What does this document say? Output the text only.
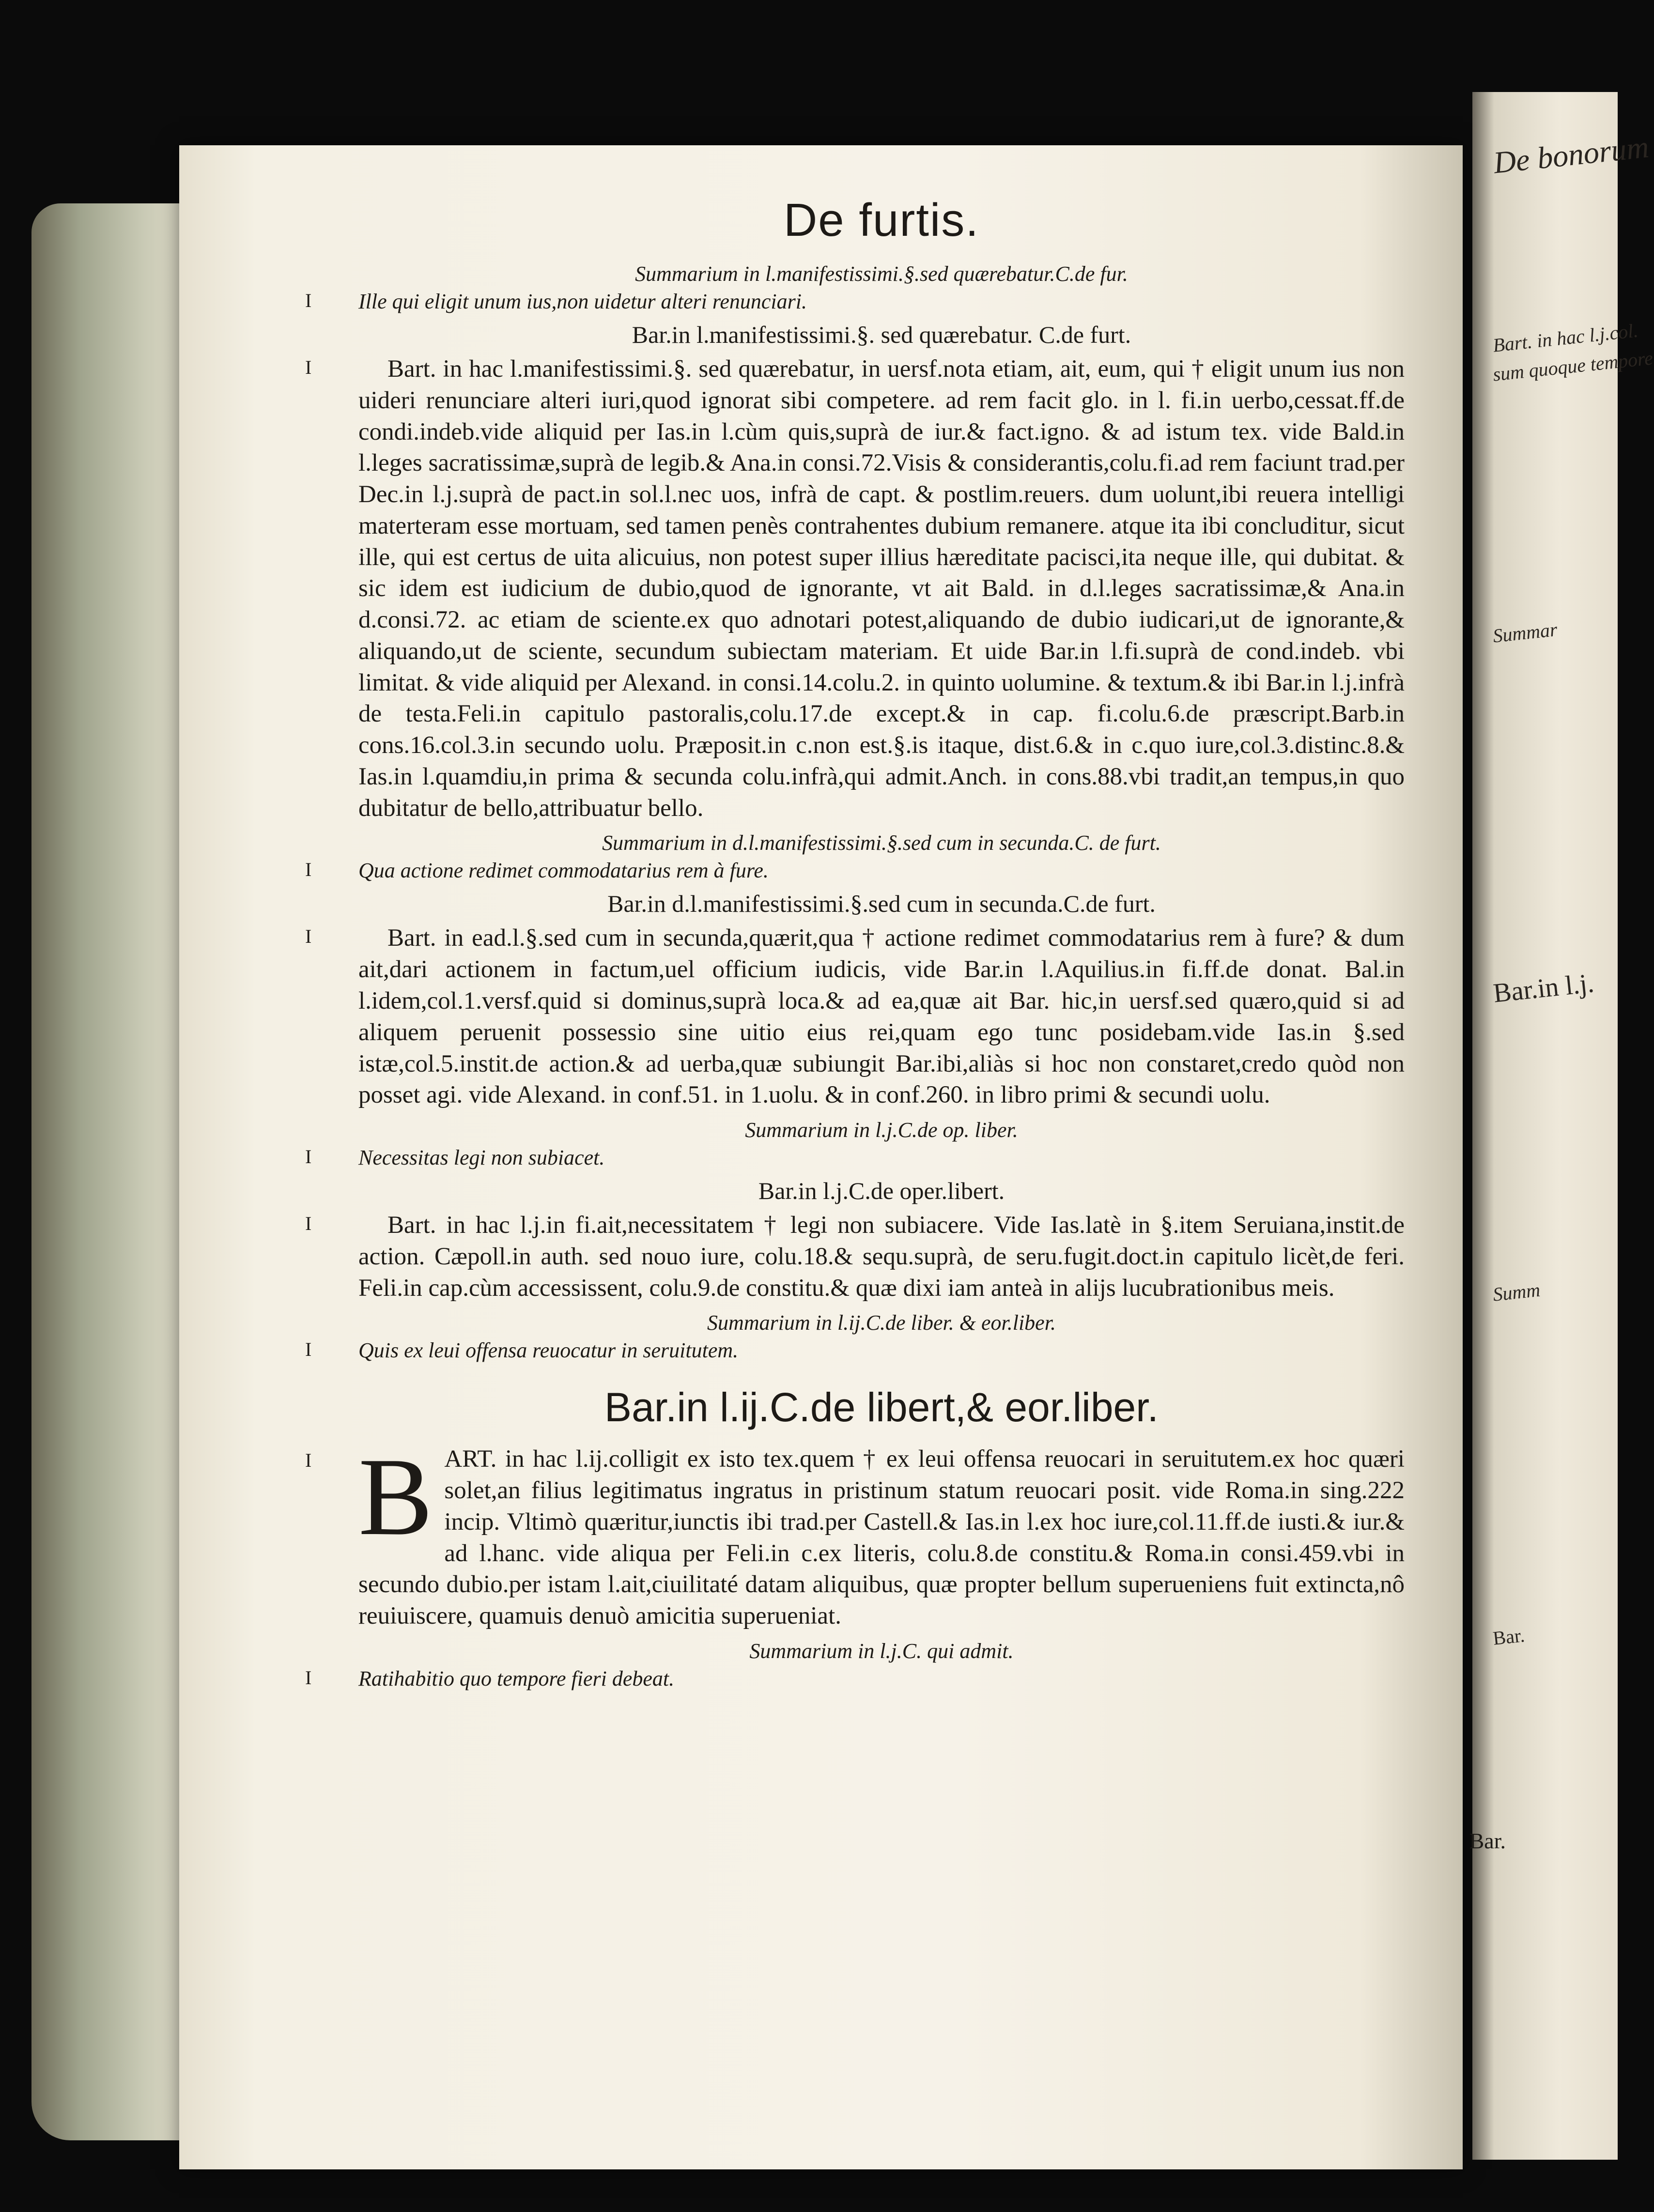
De bonorum
Bart. in hac l.j.col.
sum quoque tempore
Summar
Bar.in l.j.
Summ
Bar.
De furtis.
Summarium in l.manifestissimi.§.sed quærebatur.C.de fur.
I Ille qui eligit unum ius,non uidetur alteri renunciari.
Bar.in l.manifestissimi.§. sed quærebatur. C.de furt.
I	Bart. in hac l.manifestissimi.§. sed quærebatur, in uersf.nota etiam, ait, eum, qui † eligit unum ius non uideri renunciare alteri iuri,quod ignorat sibi competere. ad rem facit glo. in l. fi.in uerbo,cessat.ff.de condi.indeb.vide aliquid per Ias.in l.cùm quis,suprà de iur.& fact.igno. & ad istum tex. vide Bald.in l.leges sacratissimæ,suprà de legib.& Ana.in consi.72.Visis & considerantis,colu.fi.ad rem faciunt trad.per Dec.in l.j.suprà de pact.in sol.l.nec uos, infrà de capt. & postlim.reuers. dum uolunt,ibi reuera intelligi materteram esse mortuam, sed tamen penès contrahentes dubium remanere. atque ita ibi concluditur, sicut ille, qui est certus de uita alicuius, non potest super illius hæreditate pacisci,ita neque ille, qui dubitat. & sic idem est iudicium de dubio,quod de ignorante, vt ait Bald. in d.l.leges sacratissimæ,& Ana.in d.consi.72. ac etiam de sciente.ex quo adnotari potest,aliquando de dubio iudicari,ut de ignorante,& aliquando,ut de sciente, secundum subiectam materiam. Et uide Bar.in l.fi.suprà de cond.indeb. vbi limitat. & vide aliquid per Alexand. in consi.14.colu.2. in quinto uolumine. & textum.& ibi Bar.in l.j.infrà de testa.Feli.in capitulo pastoralis,colu.17.de except.& in cap. fi.colu.6.de præscript.Barb.in cons.16.col.3.in secundo uolu. Præposit.in c.non est.§.is itaque, dist.6.& in c.quo iure,col.3.distinc.8.& Ias.in l.quamdiu,in prima & secunda colu.infrà,qui admit.Anch. in cons.88.vbi tradit,an tempus,in quo dubitatur de bello,attribuatur bello.
Summarium in d.l.manifestissimi.§.sed cum in secunda.C. de furt.
I Qua actione redimet commodatarius rem à fure.
Bar.in d.l.manifestissimi.§.sed cum in secunda.C.de furt.
I	Bart. in ead.l.§.sed cum in secunda,quærit,qua † actione redimet commodatarius rem à fure? & dum ait,dari actionem in factum,uel officium iudicis, vide Bar.in l.Aquilius.in fi.ff.de donat. Bal.in l.idem,col.1.versf.quid si dominus,suprà loca.& ad ea,quæ ait Bar. hic,in uersf.sed quæro,quid si ad aliquem peruenit possessio sine uitio eius rei,quam ego tunc posidebam.vide Ias.in §.sed istæ,col.5.instit.de action.& ad uerba,quæ subiungit Bar.ibi,aliàs si hoc non constaret,credo quòd non posset agi. vide Alexand. in conf.51. in 1.uolu. & in conf.260. in libro primi & secundi uolu.
Summarium in l.j.C.de op. liber.
I Necessitas legi non subiacet.
Bar.in l.j.C.de oper.libert.
I	Bart. in hac l.j.in fi.ait,necessitatem † legi non subiacere. Vide Ias.latè in §.item Seruiana,instit.de action. Cæpoll.in auth. sed nouo iure, colu.18.& sequ.suprà, de seru.fugit.doct.in capitulo licèt,de feri. Feli.in cap.cùm accessissent, colu.9.de constitu.& quæ dixi iam anteà in alijs lucubrationibus meis.
Summarium in l.ij.C.de liber. & eor.liber.
I Quis ex leui offensa reuocatur in seruitutem.
Bar.in l.ij.C.de libert,& eor.liber.
I B ART. in hac l.ij.colligit ex isto tex.quem † ex leui offensa reuocari in seruitutem.ex hoc quæri solet,an filius legitimatus ingratus in pristinum statum reuocari posit. vide Roma.in sing.222 incip. Vltimò quæritur,iunctis ibi trad.per Castell.& Ias.in l.ex hoc iure,col.11.ff.de iusti.& iur.& ad l.hanc. vide aliqua per Feli.in c.ex literis, colu.8.de constitu.& Roma.in consi.459.vbi in secundo dubio.per istam l.ait,ciuilitaté datam aliquibus, quæ propter bellum superueniens fuit extincta,nô reuiuiscere, quamuis denuò amicitia superueniat.
Summarium in l.j.C. qui admit.
I Ratihabitio quo tempore fieri debeat.
Bar.
